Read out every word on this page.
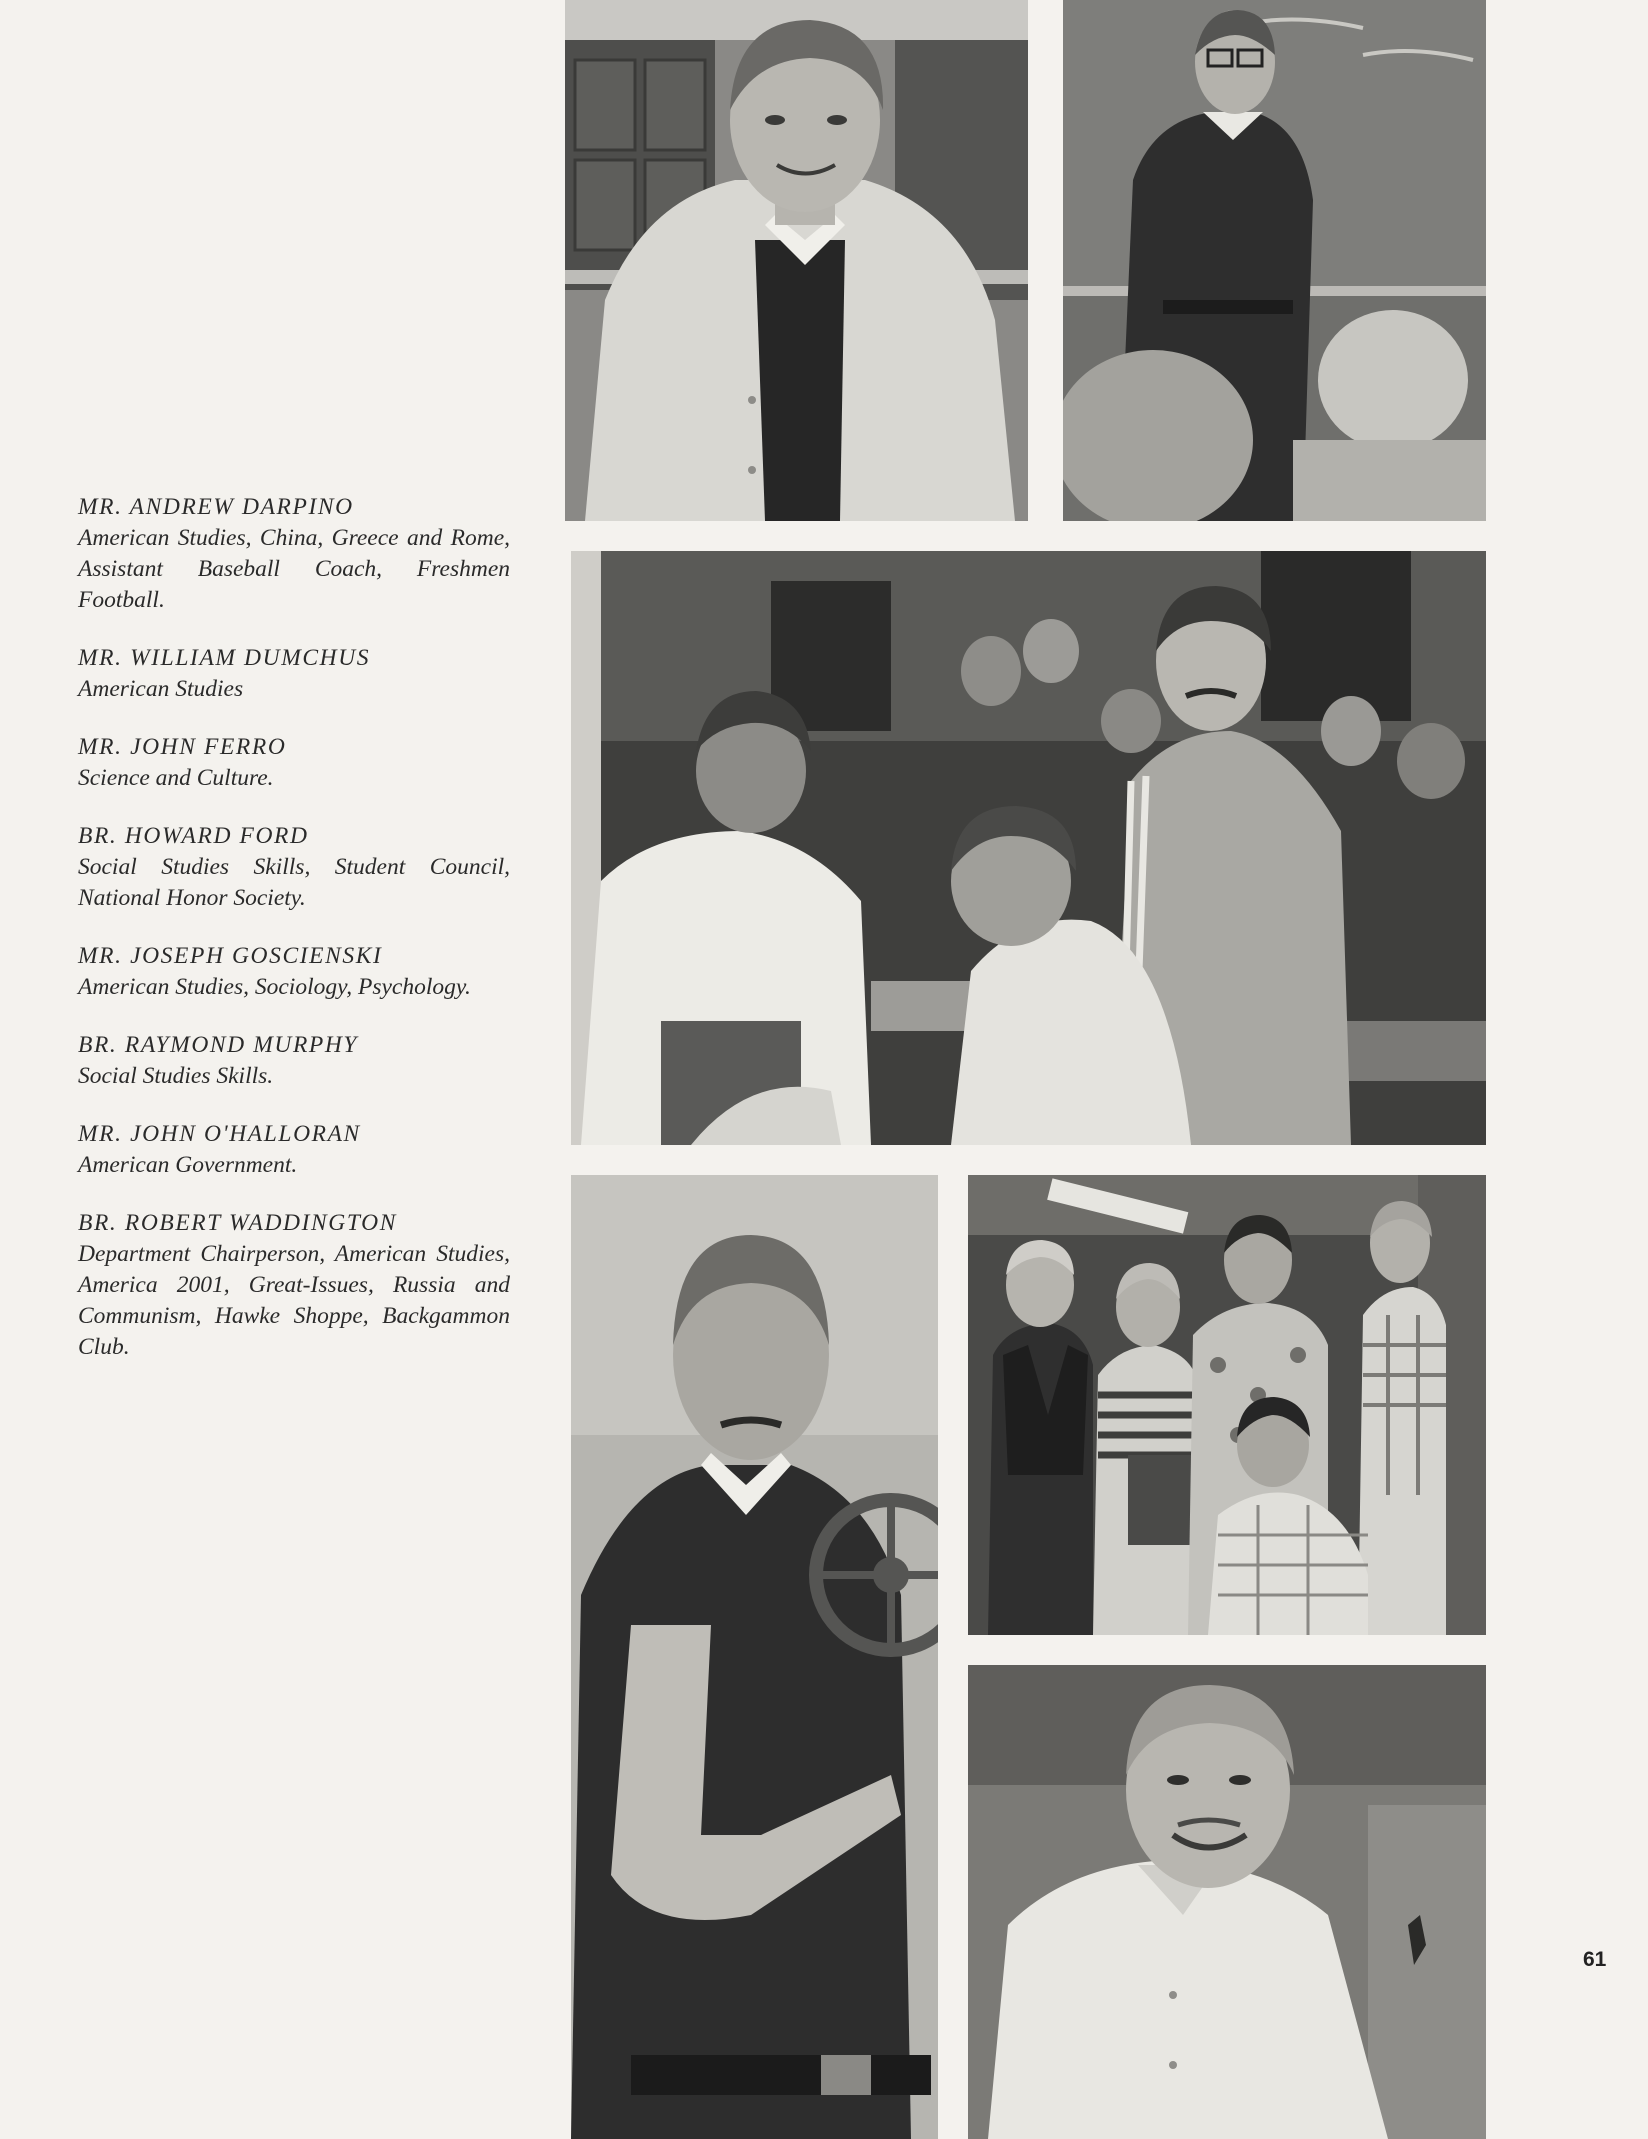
MR. ANDREW DARPINO
American Studies, China, Greece and Rome, Assistant Baseball Coach, Freshmen Football.

MR. WILLIAM DUMCHUS
American Studies

MR. JOHN FERRO
Science and Culture.

BR. HOWARD FORD
Social Studies Skills, Student Council, National Honor Society.

MR. JOSEPH GOSCIENSKI
American Studies, Sociology, Psychology.

BR. RAYMOND MURPHY
Social Studies Skills.

MR. JOHN O'HALLORAN
American Government.

BR. ROBERT WADDINGTON
Department Chairperson, American Studies, America 2001, Great-Issues, Russia and Communism, Hawke Shoppe, Backgammon Club.

61
